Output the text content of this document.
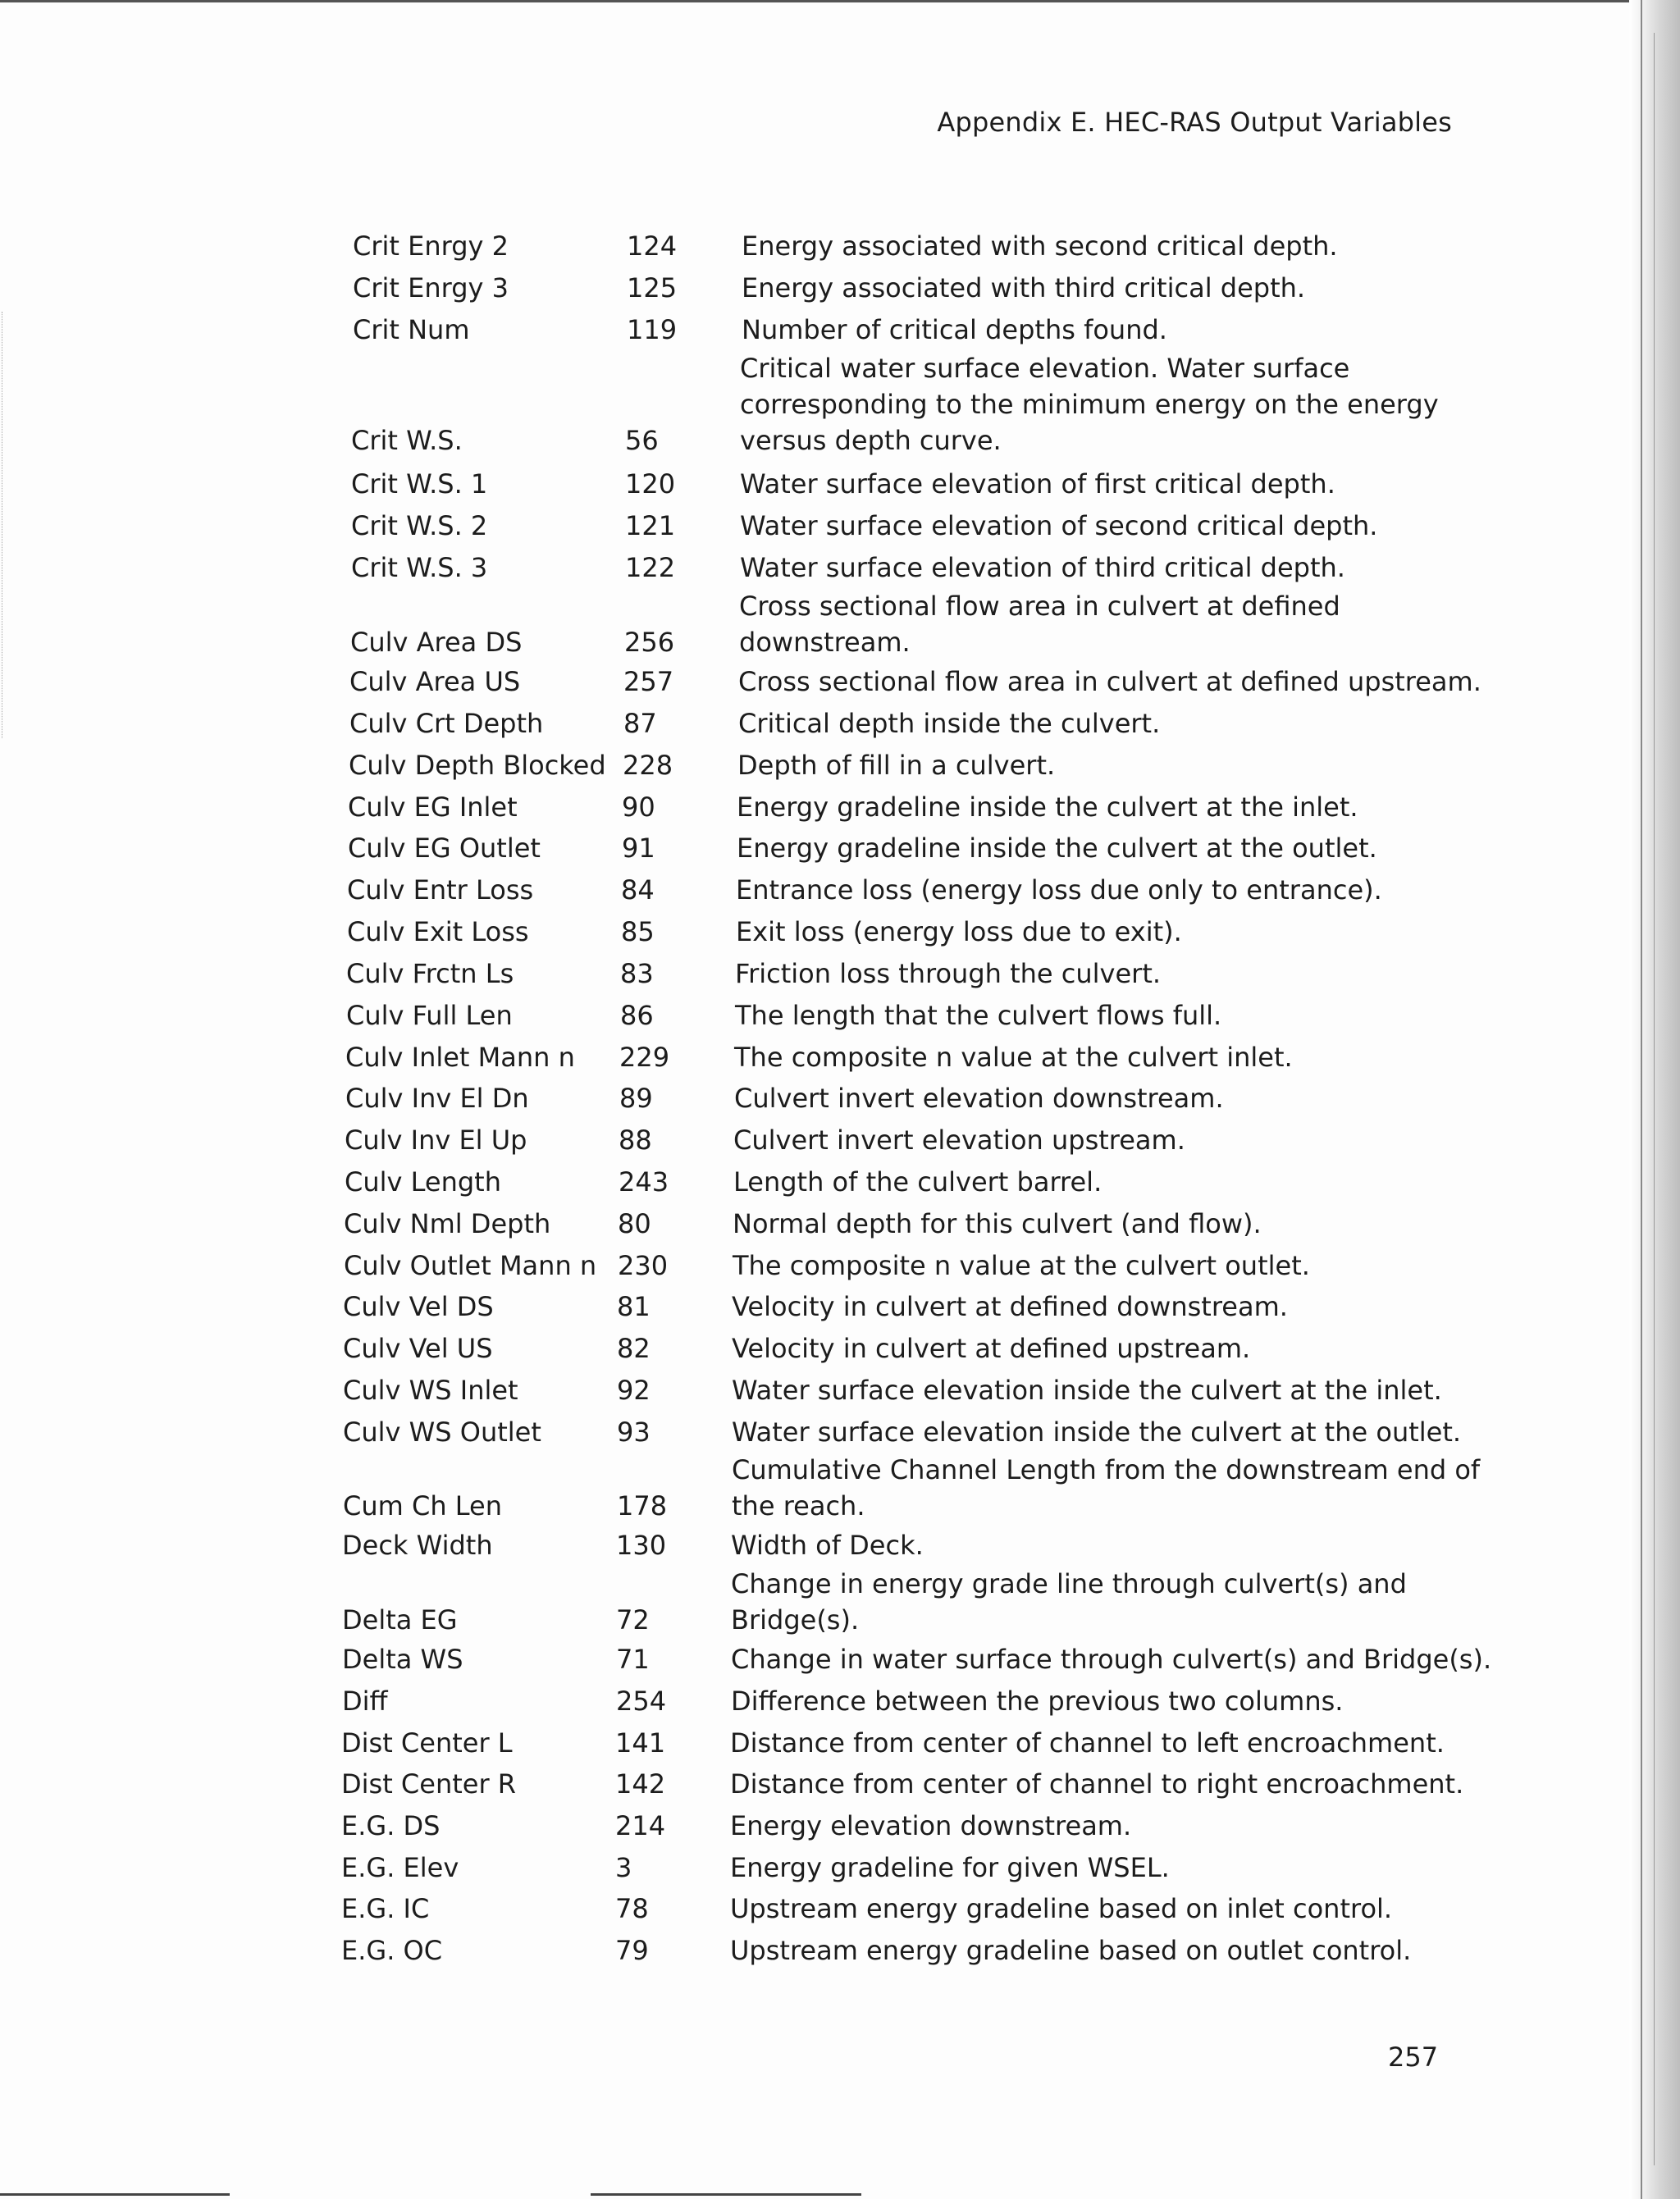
Appendix E. HEC-RAS Output Variables
Crit Enrgy 2	124 Energy associated with second critical depth.
Crit Enrgy 3	125 Energy associated with third critical depth.
Crit Num	119 Number of critical depths found.
Crit W.S.	56
Critical water surface elevation. Water surface
corresponding to the minimum energy on the energy
versus depth curve.
Crit W.S. 1	120 Water surface elevation of first critical depth.
Crit W.S. 2	121 Water surface elevation of second critical depth.
Crit W.S. 3	122 Water surface elevation of third critical depth.
Culv Area DS	256
Cross sectional flow area in culvert at defined
downstream.
Culv Area US	257 Cross sectional flow area in culvert at defined upstream.
Culv Crt Depth	87	Critical depth inside the culvert.
Culv Depth Blocked 228 Depth of fill in a culvert.
Culv EG Inlet	90	Energy gradeline inside the culvert at the inlet.
Culv EG Outlet	91	Energy gradeline inside the culvert at the outlet.
Culv Entr Loss	84	Entrance loss (energy loss due only to entrance).
Culv Exit Loss	85	Exit loss (energy loss due to exit).
Culv Frctn Ls	83	Friction loss through the culvert.
Culv Full Len	86	The length that the culvert flows full.
Culv Inlet Mann n 229 The composite n value at the culvert inlet.
Culv Inv El Dn	89	Culvert invert elevation downstream.
Culv Inv El Up	88	Culvert invert elevation upstream.
Culv Length	243 Length of the culvert barrel.
Culv Nml Depth	80	Normal depth for this culvert (and flow).
Culv Outlet Mann n 230 The composite n value at the culvert outlet.
Culv Vel DS	81	Velocity in culvert at defined downstream.
Culv Vel US	82	Velocity in culvert at defined upstream.
Culv WS Inlet	92	Water surface elevation inside the culvert at the inlet.
Culv WS Outlet	93	Water surface elevation inside the culvert at the outlet.
Cum Ch Len	178
Cumulative Channel Length from the downstream end of
the reach.
Deck Width	130 Width of Deck.
Delta EG	72
Change in energy grade line through culvert(s) and
Bridge(s).
Delta WS	71	Change in water surface through culvert(s) and Bridge(s).
Diff	254 Difference between the previous two columns.
Dist Center L	141 Distance from center of channel to left encroachment.
Dist Center R	142 Distance from center of channel to right encroachment.
E.G. DS	214 Energy elevation downstream.
E.G. Elev	3	Energy gradeline for given WSEL.
E.G. IC	78	Upstream energy gradeline based on inlet control.
E.G. OC	79	Upstream energy gradeline based on outlet control.
257
